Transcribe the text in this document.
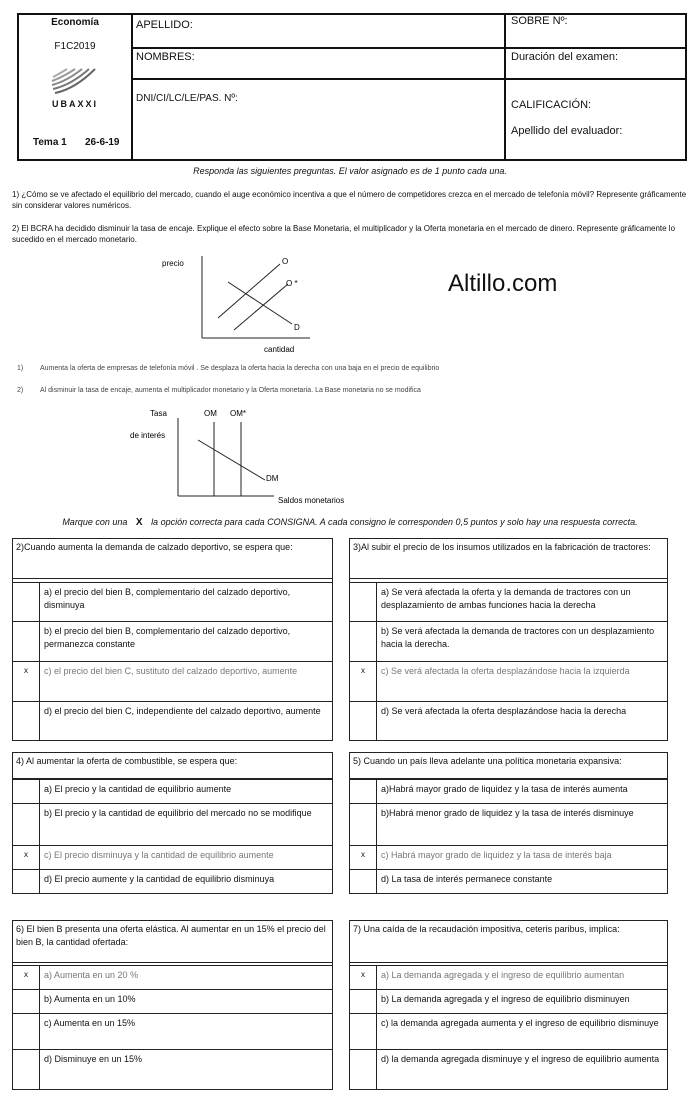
Economía
F1C2019
UBAXXI
Tema 1 26-6-19
APELLIDO:	SOBRE Nº:
NOMBRES:	Duración del examen:
DNI/CI/LC/LE/PAS. Nº:
CALIFICACIÓN:
Apellido del evaluador:
Responda las siguientes preguntas. El valor asignado es de 1 punto cada una.
1) ¿Cómo se ve afectado el equilibrio del mercado, cuando el auge económico incentiva a que el número de competidores crezca en el mercado de telefonía móvil? Represente gráficamente sin considerar valores numéricos.
2) El BCRA ha decidido disminuir la tasa de encaje. Explique el efecto sobre la Base Monetaria, el multiplicador y la Oferta monetaria en el mercado de dinero. Represente gráficamente lo sucedido en el mercado monetario.
precio	O
O *
D
cantidad
Altillo.com
1) Aumenta la oferta de empresas de telefonía móvil . Se desplaza la oferta hacia la derecha con una baja en el precio de equilibrio
2) Al disminuir la tasa de encaje, aumenta el multiplicador monetario y la Oferta monetaria. La Base monetaria no se modifica
Tasa
de interés
OM OM*
DM
Saldos monetarios
Marque con una X la opción correcta para cada CONSIGNA. A cada consigno le corresponden 0,5 puntos y solo hay una respuesta correcta.
2)Cuando aumenta la demanda de calzado deportivo, se espera que:
a) el precio del bien B, complementario del calzado deportivo, disminuya
b) el precio del bien B, complementario del calzado deportivo, permanezca constante
x	c) el precio del bien C, sustituto del calzado deportivo, aumente
d) el precio del bien C, independiente del calzado deportivo, aumente
3)Al subir el precio de los insumos utilizados en la fabricación de tractores:
a) Se verá afectada la oferta y la demanda de tractores con un desplazamiento de ambas funciones hacia la derecha
b) Se verá afectada la demanda de tractores con un desplazamiento hacia la derecha.
x	c) Se verá afectada la oferta desplazándose hacia la izquierda
d) Se verá afectada la oferta desplazándose hacia la derecha
4) Al aumentar la oferta de combustible, se espera que:
a) El precio y la cantidad de equilibrio aumente
b) El precio y la cantidad de equilibrio del mercado no se modifique
x	c) El precio disminuya y la cantidad de equilibrio aumente
d) El precio aumente y la cantidad de equilibrio disminuya
5) Cuando un país lleva adelante una política monetaria expansiva:
a)Habrá mayor grado de liquidez y la tasa de interés aumenta
b)Habrá menor grado de liquidez y la tasa de interés disminuye
x	c) Habrá mayor grado de liquidez y la tasa de interés baja
d) La tasa de interés permanece constante
6) El bien B presenta una oferta elástica. Al aumentar en un 15% el precio del bien B, la cantidad ofertada:
x	a) Aumenta en un 20 %
b) Aumenta en un 10%
c) Aumenta en un 15%
d) Disminuye en un 15%
7) Una caída de la recaudación impositiva, ceteris paribus, implica:
x	a) La demanda agregada y el ingreso de equilibrio aumentan
b) La demanda agregada y el ingreso de equilibrio disminuyen
c) la demanda agregada aumenta y el ingreso de equilibrio disminuye
d) la demanda agregada disminuye y el ingreso de equilibrio aumenta
